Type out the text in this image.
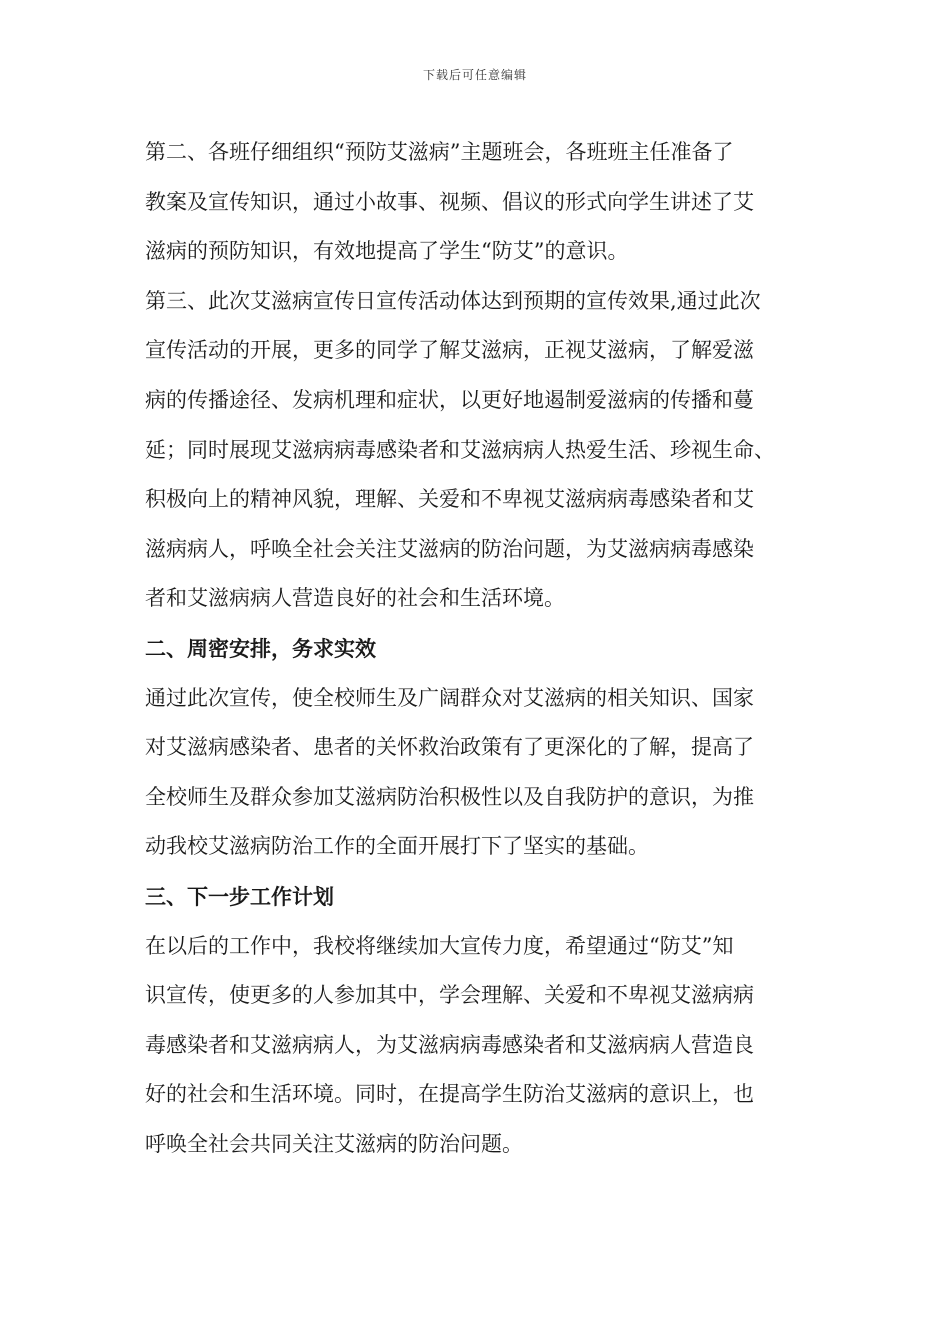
下载后可任意编辑
第二、各班仔细组织“预防艾滋病”主题班会，各班班主任准备了
教案及宣传知识，通过小故事、视频、倡议的形式向学生讲述了艾
滋病的预防知识，有效地提高了学生“防艾”的意识。
第三、此次艾滋病宣传日宣传活动体达到预期的宣传效果,通过此次
宣传活动的开展，更多的同学了解艾滋病，正视艾滋病，了解爱滋
病的传播途径、发病机理和症状，以更好地遏制爱滋病的传播和蔓
延；同时展现艾滋病病毒感染者和艾滋病病人热爱生活、珍视生命、
积极向上的精神风貌，理解、关爱和不卑视艾滋病病毒感染者和艾
滋病病人，呼唤全社会关注艾滋病的防治问题，为艾滋病病毒感染
者和艾滋病病人营造良好的社会和生活环境。
二、周密安排，务求实效
通过此次宣传，使全校师生及广阔群众对艾滋病的相关知识、国家
对艾滋病感染者、患者的关怀救治政策有了更深化的了解，提高了
全校师生及群众参加艾滋病防治积极性以及自我防护的意识，为推
动我校艾滋病防治工作的全面开展打下了坚实的基础。
三、下一步工作计划
在以后的工作中，我校将继续加大宣传力度，希望通过“防艾”知
识宣传，使更多的人参加其中，学会理解、关爱和不卑视艾滋病病
毒感染者和艾滋病病人，为艾滋病病毒感染者和艾滋病病人营造良
好的社会和生活环境。同时，在提高学生防治艾滋病的意识上，也
呼唤全社会共同关注艾滋病的防治问题。
